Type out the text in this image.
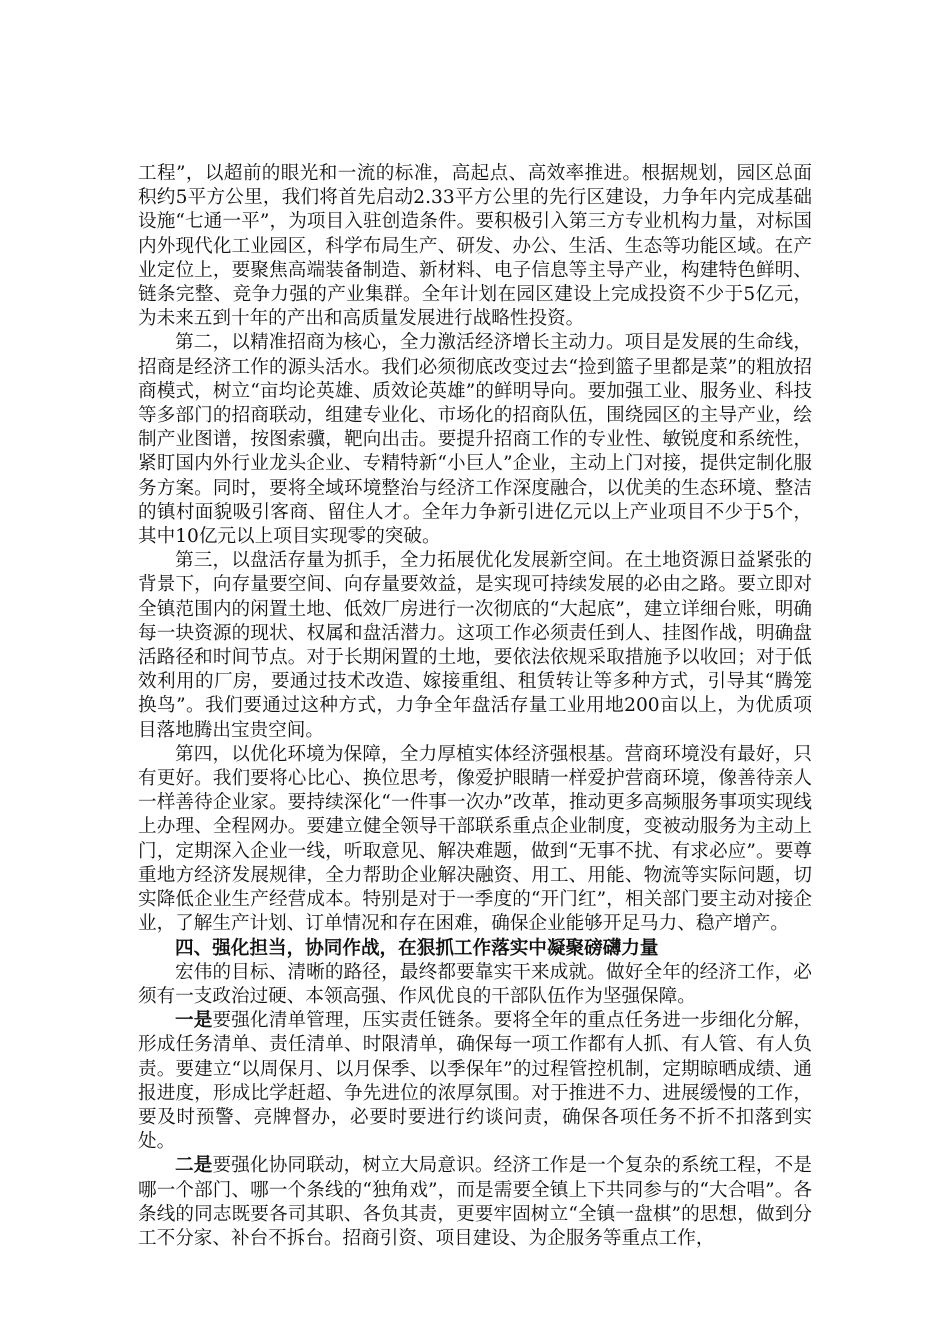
工程”，以超前的眼光和一流的标准，高起点、高效率推进。根据规划，园区总面积约5平方公里，我们将首先启动2.33平方公里的先行区建设，力争年内完成基础设施“七通一平”，为项目入驻创造条件。要积极引入第三方专业机构力量，对标国内外现代化工业园区，科学布局生产、研发、办公、生活、生态等功能区域。在产业定位上，要聚焦高端装备制造、新材料、电子信息等主导产业，构建特色鲜明、链条完整、竞争力强的产业集群。全年计划在园区建设上完成投资不少于5亿元，为未来五到十年的产出和高质量发展进行战略性投资。

第二，以精准招商为核心，全力激活经济增长主动力。项目是发展的生命线，招商是经济工作的源头活水。我们必须彻底改变过去“捡到篮子里都是菜”的粗放招商模式，树立“亩均论英雄、质效论英雄”的鲜明导向。要加强工业、服务业、科技等多部门的招商联动，组建专业化、市场化的招商队伍，围绕园区的主导产业，绘制产业图谱，按图索骥，靶向出击。要提升招商工作的专业性、敏锐度和系统性，紧盯国内外行业龙头企业、专精特新“小巨人”企业，主动上门对接，提供定制化服务方案。同时，要将全域环境整治与经济工作深度融合，以优美的生态环境、整洁的镇村面貌吸引客商、留住人才。全年力争新引进亿元以上产业项目不少于5个，其中10亿元以上项目实现零的突破。

第三，以盘活存量为抓手，全力拓展优化发展新空间。在土地资源日益紧张的背景下，向存量要空间、向存量要效益，是实现可持续发展的必由之路。要立即对全镇范围内的闲置土地、低效厂房进行一次彻底的“大起底”，建立详细台账，明确每一块资源的现状、权属和盘活潜力。这项工作必须责任到人、挂图作战，明确盘活路径和时间节点。对于长期闲置的土地，要依法依规采取措施予以收回；对于低效利用的厂房，要通过技术改造、嫁接重组、租赁转让等多种方式，引导其“腾笼换鸟”。我们要通过这种方式，力争全年盘活存量工业用地200亩以上，为优质项目落地腾出宝贵空间。

第四，以优化环境为保障，全力厚植实体经济强根基。营商环境没有最好，只有更好。我们要将心比心、换位思考，像爱护眼睛一样爱护营商环境，像善待亲人一样善待企业家。要持续深化“一件事一次办”改革，推动更多高频服务事项实现线上办理、全程网办。要建立健全领导干部联系重点企业制度，变被动服务为主动上门，定期深入企业一线，听取意见、解决难题，做到“无事不扰、有求必应”。要尊重地方经济发展规律，全力帮助企业解决融资、用工、用能、物流等实际问题，切实降低企业生产经营成本。特别是对于一季度的“开门红”，相关部门要主动对接企业，了解生产计划、订单情况和存在困难，确保企业能够开足马力、稳产增产。

四、强化担当，协同作战，在狠抓工作落实中凝聚磅礴力量

宏伟的目标、清晰的路径，最终都要靠实干来成就。做好全年的经济工作，必须有一支政治过硬、本领高强、作风优良的干部队伍作为坚强保障。

一是要强化清单管理，压实责任链条。要将全年的重点任务进一步细化分解，形成任务清单、责任清单、时限清单，确保每一项工作都有人抓、有人管、有人负责。要建立“以周保月、以月保季、以季保年”的过程管控机制，定期晾晒成绩、通报进度，形成比学赶超、争先进位的浓厚氛围。对于推进不力、进展缓慢的工作，要及时预警、亮牌督办，必要时要进行约谈问责，确保各项任务不折不扣落到实处。

二是要强化协同联动，树立大局意识。经济工作是一个复杂的系统工程，不是哪一个部门、哪一个条线的“独角戏”，而是需要全镇上下共同参与的“大合唱”。各条线的同志既要各司其职、各负其责，更要牢固树立“全镇一盘棋”的思想，做到分工不分家、补台不拆台。招商引资、项目建设、为企服务等重点工作，
